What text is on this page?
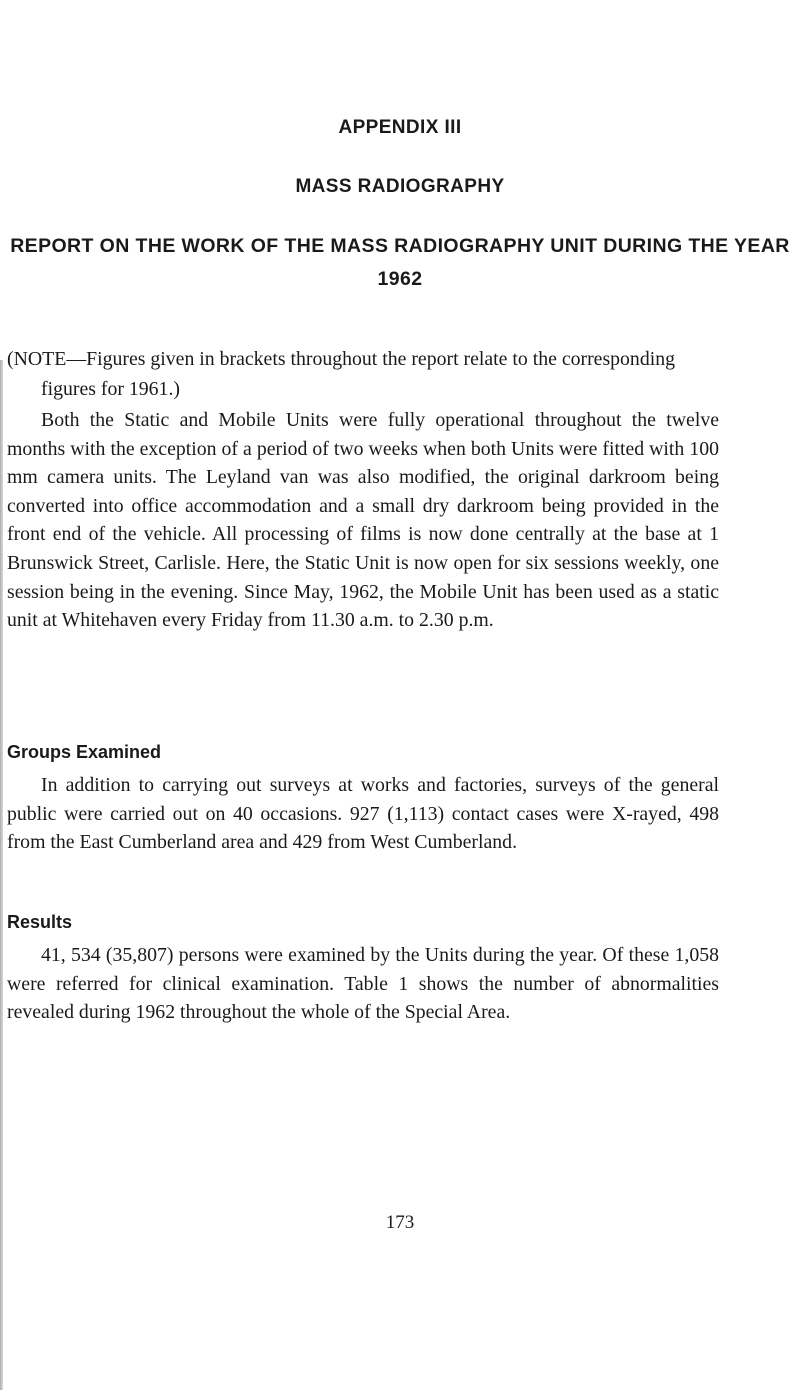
APPENDIX III
MASS RADIOGRAPHY
REPORT ON THE WORK OF THE MASS RADIOGRAPHY UNIT DURING THE YEAR 1962
(NOTE—Figures given in brackets throughout the report relate to the corresponding figures for 1961.)

Both the Static and Mobile Units were fully operational throughout the twelve months with the exception of a period of two weeks when both Units were fitted with 100 mm camera units. The Leyland van was also modified, the original darkroom being converted into office accommodation and a small dry darkroom being provided in the front end of the vehicle. All processing of films is now done centrally at the base at 1 Brunswick Street, Carlisle. Here, the Static Unit is now open for six sessions weekly, one session being in the evening. Since May, 1962, the Mobile Unit has been used as a static unit at Whitehaven every Friday from 11.30 a.m. to 2.30 p.m.

Groups Examined

In addition to carrying out surveys at works and factories, surveys of the general public were carried out on 40 occasions. 927 (1,113) contact cases were X-rayed, 498 from the East Cumberland area and 429 from West Cumberland.

Results

41, 534 (35,807) persons were examined by the Units during the year. Of these 1,058 were referred for clinical examination. Table 1 shows the number of abnormalities revealed during 1962 throughout the whole of the Special Area.

173
